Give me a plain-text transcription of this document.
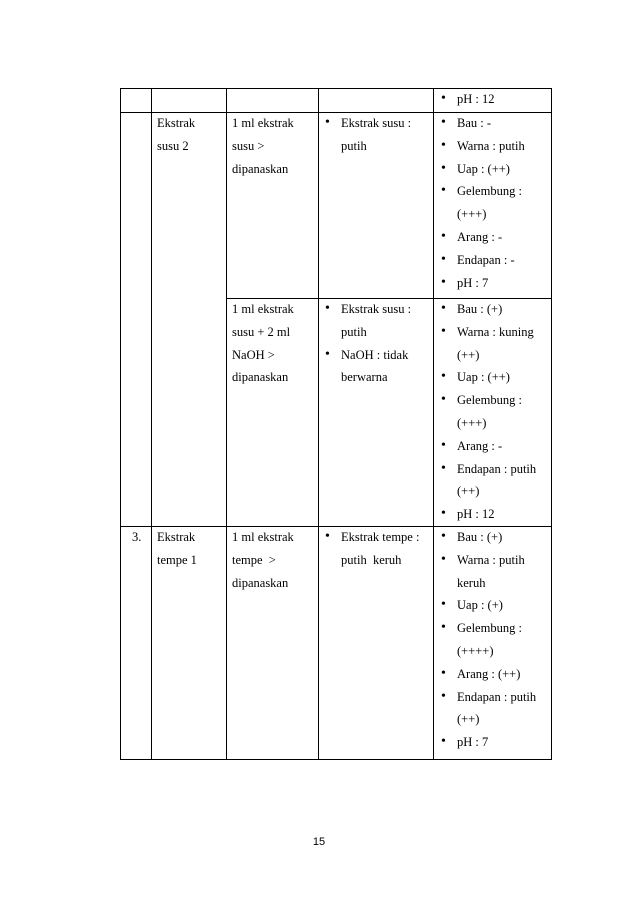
• pH : 12
Ekstrak
susu 2
1 ml ekstrak
susu >
dipanaskan
• Ekstrak susu :
putih
• Bau : -
• Warna : putih
• Uap : (++)
• Gelembung :
(+++)
• Arang : -
• Endapan : -
• pH : 7
1 ml ekstrak
susu + 2 ml
NaOH >
dipanaskan
• Ekstrak susu :
putih
• NaOH : tidak
berwarna
• Bau : (+)
• Warna : kuning
(++)
• Uap : (++)
• Gelembung :
(+++)
• Arang : -
• Endapan : putih
(++)
• pH : 12
3. Ekstrak
tempe 1
1 ml ekstrak
tempe  >
dipanaskan
• Ekstrak tempe :
putih  keruh
• Bau : (+)
• Warna : putih
keruh
• Uap : (+)
• Gelembung :
(++++)
• Arang : (++)
• Endapan : putih
(++)
• pH : 7
15
